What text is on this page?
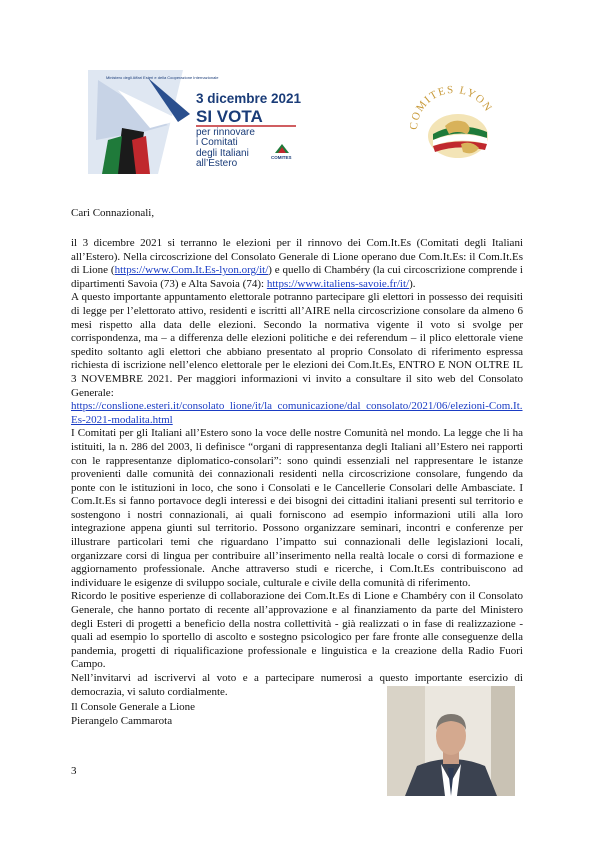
Ministero degli Affari Esteri e della Cooperazione Internazionale
3 dicembre 2021
SI VOTA
per rinnovare
i Comitati
degli Italiani
all’Estero
COMITES
COMITES LYON

Cari Connazionali,

il 3 dicembre 2021 si terranno le elezioni per il rinnovo dei Com.It.Es (Comitati degli Italiani all’Estero). Nella circoscrizione del Consolato Generale di Lione operano due Com.It.Es: il Com.It.Es di Lione (https://www.Com.It.Es-lyon.org/it/) e quello di Chambéry (la cui circoscrizione comprende i dipartimenti Savoia (73) e Alta Savoia (74): https://www.italiens-savoie.fr/it/).

A questo importante appuntamento elettorale potranno partecipare gli elettori in possesso dei requisiti di legge per l’elettorato attivo, residenti e iscritti all’AIRE nella circoscrizione consolare da almeno 6 mesi rispetto alla data delle elezioni. Secondo la normativa vigente il voto si svolge per corrispondenza, ma – a differenza delle elezioni politiche e dei referendum – il plico elettorale viene spedito soltanto agli elettori che abbiano presentato al proprio Consolato di riferimento espressa richiesta di iscrizione nell’elenco elettorale per le elezioni dei Com.It.Es, ENTRO E NON OLTRE IL 3 NOVEMBRE 2021. Per maggiori informazioni vi invito a consultare il sito web del Consolato Generale:

https://conslione.esteri.it/consolato_lione/it/la_comunicazione/dal_consolato/2021/06/elezioni-Com.It.Es-2021-modalita.html

I Comitati per gli Italiani all’Estero sono la voce delle nostre Comunità nel mondo. La legge che li ha istituiti, la n. 286 del 2003, li definisce “organi di rappresentanza degli Italiani all’Estero nei rapporti con le rappresentanze diplomatico-consolari”: sono quindi essenziali nel rappresentare le istanze provenienti dalle comunità dei connazionali residenti nella circoscrizione consolare, fungendo da ponte con le istituzioni in loco, che sono i Consolati e le Cancellerie Consolari delle Ambasciate. I Com.It.Es si fanno portavoce degli interessi e dei bisogni dei cittadini italiani presenti sul territorio e sostengono i nostri connazionali, ai quali forniscono ad esempio informazioni utili alla loro integrazione appena giunti sul territorio. Possono organizzare seminari, incontri e conferenze per illustrare particolari temi che riguardano l’impatto sui connazionali delle legislazioni locali, organizzare corsi di lingua per contribuire all’inserimento nella realtà locale o corsi di formazione e aggiornamento professionale. Anche attraverso studi e ricerche, i Com.It.Es contribuiscono ad individuare le esigenze di sviluppo sociale, culturale e civile della comunità di riferimento.

Ricordo le positive esperienze di collaborazione dei Com.It.Es di Lione e Chambéry con il Consolato Generale, che hanno portato di recente all’approvazione e al finanziamento da parte del Ministero degli Esteri di progetti a beneficio della nostra collettività - già realizzati o in fase di realizzazione - quali ad esempio lo sportello di ascolto e sostegno psicologico per fare fronte alle conseguenze della pandemia, progetti di riqualificazione professionale e linguistica e la creazione della Radio Fuori Campo.

Nell’invitarvi ad iscrivervi al voto e a partecipare numerosi a questo importante esercizio di democrazia, vi saluto cordialmente.

Il Console Generale a Lione
Pierangelo Cammarota
3
